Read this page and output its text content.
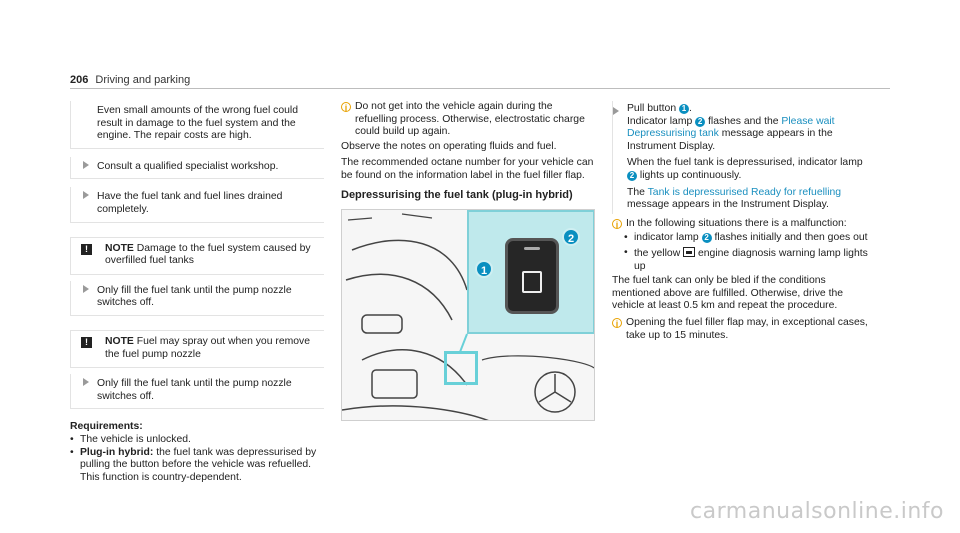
206 Driving and parking
Even small amounts of the wrong fuel could result in damage to the fuel system and the engine. The repair costs are high.
Consult a qualified specialist workshop.
Have the fuel tank and fuel lines drained completely.
!	NOTE Damage to the fuel system caused by overfilled fuel tanks
Only fill the fuel tank until the pump nozzle switches off.
!	NOTE Fuel may spray out when you remove the fuel pump nozzle
Only fill the fuel tank until the pump nozzle switches off.
Requirements:
• The vehicle is unlocked.
• Plug-in hybrid: the fuel tank was depressurised by pulling the button before the vehicle was refuelled. This function is country-dependent.
i Do not get into the vehicle again during the refuelling process. Otherwise, electrostatic charge could build up again.
Observe the notes on operating fluids and fuel.
The recommended octane number for your vehicle can be found on the information label in the fuel filler flap.
Depressurising the fuel tank (plug-in hybrid)
2
1
Pull button 1 .
Indicator lamp 2 flashes and the Please wait Depressurising tank message appears in the Instrument Display.
When the fuel tank is depressurised, indicator lamp 2 lights up continuously.
The Tank is depressurised Ready for refuelling message appears in the Instrument Display.
i In the following situations there is a malfunction:
• indicator lamp 2 flashes initially and then goes out
• the yellow engine diagnosis warning lamp lights up
The fuel tank can only be bled if the conditions mentioned above are fulfilled. Otherwise, drive the vehicle at least 0.5 km and repeat the procedure.
i Opening the fuel filler flap may, in exceptional cases, take up to 15 minutes.
carmanualsonline.info
